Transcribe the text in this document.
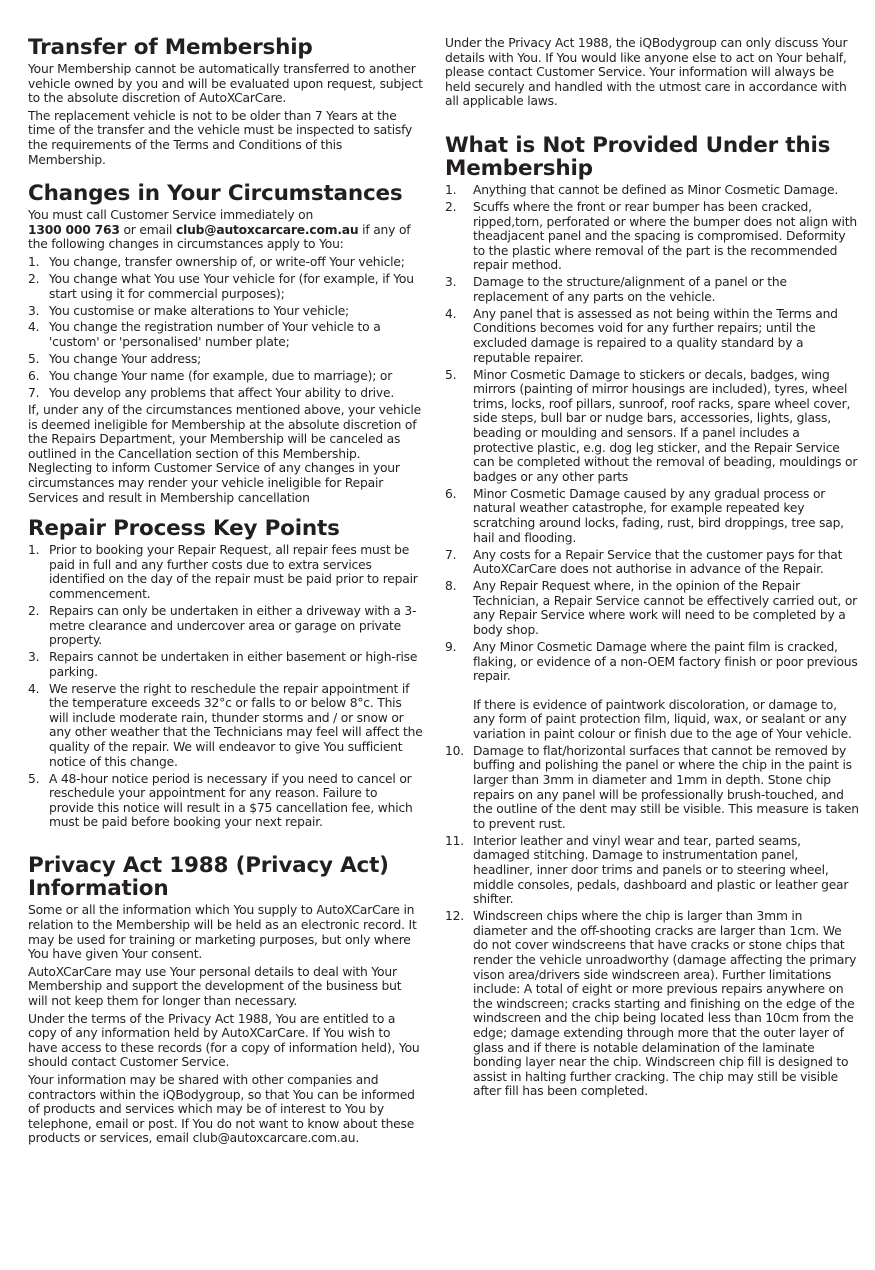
Transfer of Membership

Your Membership cannot be automatically transferred to another vehicle owned by you and will be evaluated upon request, subject to the absolute discretion of AutoXCarCare.

The replacement vehicle is not to be older than 7 Years at the time of the transfer and the vehicle must be inspected to satisfy the requirements of the Terms and Conditions of this Membership.

Changes in Your Circumstances

You must call Customer Service immediately on
1300 000 763 or email club@autoxcarcare.com.au if any of the following changes in circumstances apply to You:

1. You change, transfer ownership of, or write-off Your vehicle;
2. You change what You use Your vehicle for (for example, if You start using it for commercial purposes);
3. You customise or make alterations to Your vehicle;
4. You change the registration number of Your vehicle to a 'custom' or 'personalised' number plate;
5. You change Your address;
6. You change Your name (for example, due to marriage); or
7. You develop any problems that affect Your ability to drive.

If, under any of the circumstances mentioned above, your vehicle is deemed ineligible for Membership at the absolute discretion of the Repairs Department, your Membership will be canceled as outlined in the Cancellation section of this Membership. Neglecting to inform Customer Service of any changes in your circumstances may render your vehicle ineligible for Repair Services and result in Membership cancellation

Repair Process Key Points
1. Prior to booking your Repair Request, all repair fees must be paid in full and any further costs due to extra services identified on the day of the repair must be paid prior to repair commencement.
2. Repairs can only be undertaken in either a driveway with a 3-metre clearance and undercover area or garage on private property.
3. Repairs cannot be undertaken in either basement or high-rise parking.
4. We reserve the right to reschedule the repair appointment if the temperature exceeds 32°c or falls to or below 8°c. This will include moderate rain, thunder storms and / or snow or any other weather that the Technicians may feel will affect the quality of the repair. We will endeavor to give You sufficient notice of this change.
5. A 48-hour notice period is necessary if you need to cancel or reschedule your appointment for any reason. Failure to provide this notice will result in a $75 cancellation fee, which must be paid before booking your next repair.
Privacy Act 1988 (Privacy Act) Information

Some or all the information which You supply to AutoXCarCare in relation to the Membership will be held as an electronic record. It may be used for training or marketing purposes, but only where You have given Your consent.

AutoXCarCare may use Your personal details to deal with Your Membership and support the development of the business but will not keep them for longer than necessary.

Under the terms of the Privacy Act 1988, You are entitled to a copy of any information held by AutoXCarCare. If You wish to have access to these records (for a copy of information held), You should contact Customer Service.

Your information may be shared with other companies and contractors within the iQBodygroup, so that You can be informed of products and services which may be of interest to You by telephone, email or post. If You do not want to know about these products or services, email club@autoxcarcare.com.au.

Under the Privacy Act 1988, the iQBodygroup can only discuss Your details with You. If You would like anyone else to act on Your behalf, please contact Customer Service. Your information will always be held securely and handled with the utmost care in accordance with all applicable laws.

What is Not Provided Under this Membership
1.	Anything that cannot be defined as Minor Cosmetic Damage.
2.	Scuffs where the front or rear bumper has been cracked, ripped,torn, perforated or where the bumper does not align with theadjacent panel and the spacing is compromised. Deformity to the plastic where removal of the part is the recommended repair method.
3.	Damage to the structure/alignment of a panel or the replacement of any parts on the vehicle.
4.	Any panel that is assessed as not being within the Terms and Conditions becomes void for any further repairs; until the excluded damage is repaired to a quality standard by a reputable repairer.
5.	Minor Cosmetic Damage to stickers or decals, badges, wing mirrors (painting of mirror housings are included), tyres, wheel trims, locks, roof pillars, sunroof, roof racks, spare wheel cover, side steps, bull bar or nudge bars, accessories, lights, glass, beading or moulding and sensors. If a panel includes a protective plastic, e.g. dog leg sticker, and the Repair Service can be completed without the removal of beading, mouldings or badges or any other parts
6.	Minor Cosmetic Damage caused by any gradual process or natural weather catastrophe, for example repeated key scratching around locks, fading, rust, bird droppings, tree sap, hail and flooding.
7.	Any costs for a Repair Service that the customer pays for that AutoXCarCare does not authorise in advance of the Repair.
8.	Any Repair Request where, in the opinion of the Repair Technician, a Repair Service cannot be effectively carried out, or any Repair Service where work will need to be completed by a body shop.
9.	Any Minor Cosmetic Damage where the paint film is cracked, flaking, or evidence of a non-OEM factory finish or poor previous repair.
If there is evidence of paintwork discoloration, or damage to, any form of paint protection film, liquid, wax, or sealant or any variation in paint colour or finish due to the age of Your vehicle.
10. Damage to flat/horizontal surfaces that cannot be removed by buffing and polishing the panel or where the chip in the paint is larger than 3mm in diameter and 1mm in depth. Stone chip repairs on any panel will be professionally brush-touched, and the outline of the dent may still be visible. This measure is taken to prevent rust.
11. Interior leather and vinyl wear and tear, parted seams, damaged stitching. Damage to instrumentation panel, headliner, inner door trims and panels or to steering wheel, middle consoles, pedals, dashboard and plastic or leather gear shifter.
12. Windscreen chips where the chip is larger than 3mm in diameter and the off-shooting cracks are larger than 1cm. We do not cover windscreens that have cracks or stone chips that render the vehicle unroadworthy (damage affecting the primary vison area/drivers side windscreen area). Further limitations include: A total of eight or more previous repairs anywhere on the windscreen; cracks starting and finishing on the edge of the windscreen and the chip being located less than 10cm from the edge; damage extending through more that the outer layer of glass and if there is notable delamination of the laminate bonding layer near the chip. Windscreen chip fill is designed to assist in halting further cracking. The chip may still be visible after fill has been completed.
